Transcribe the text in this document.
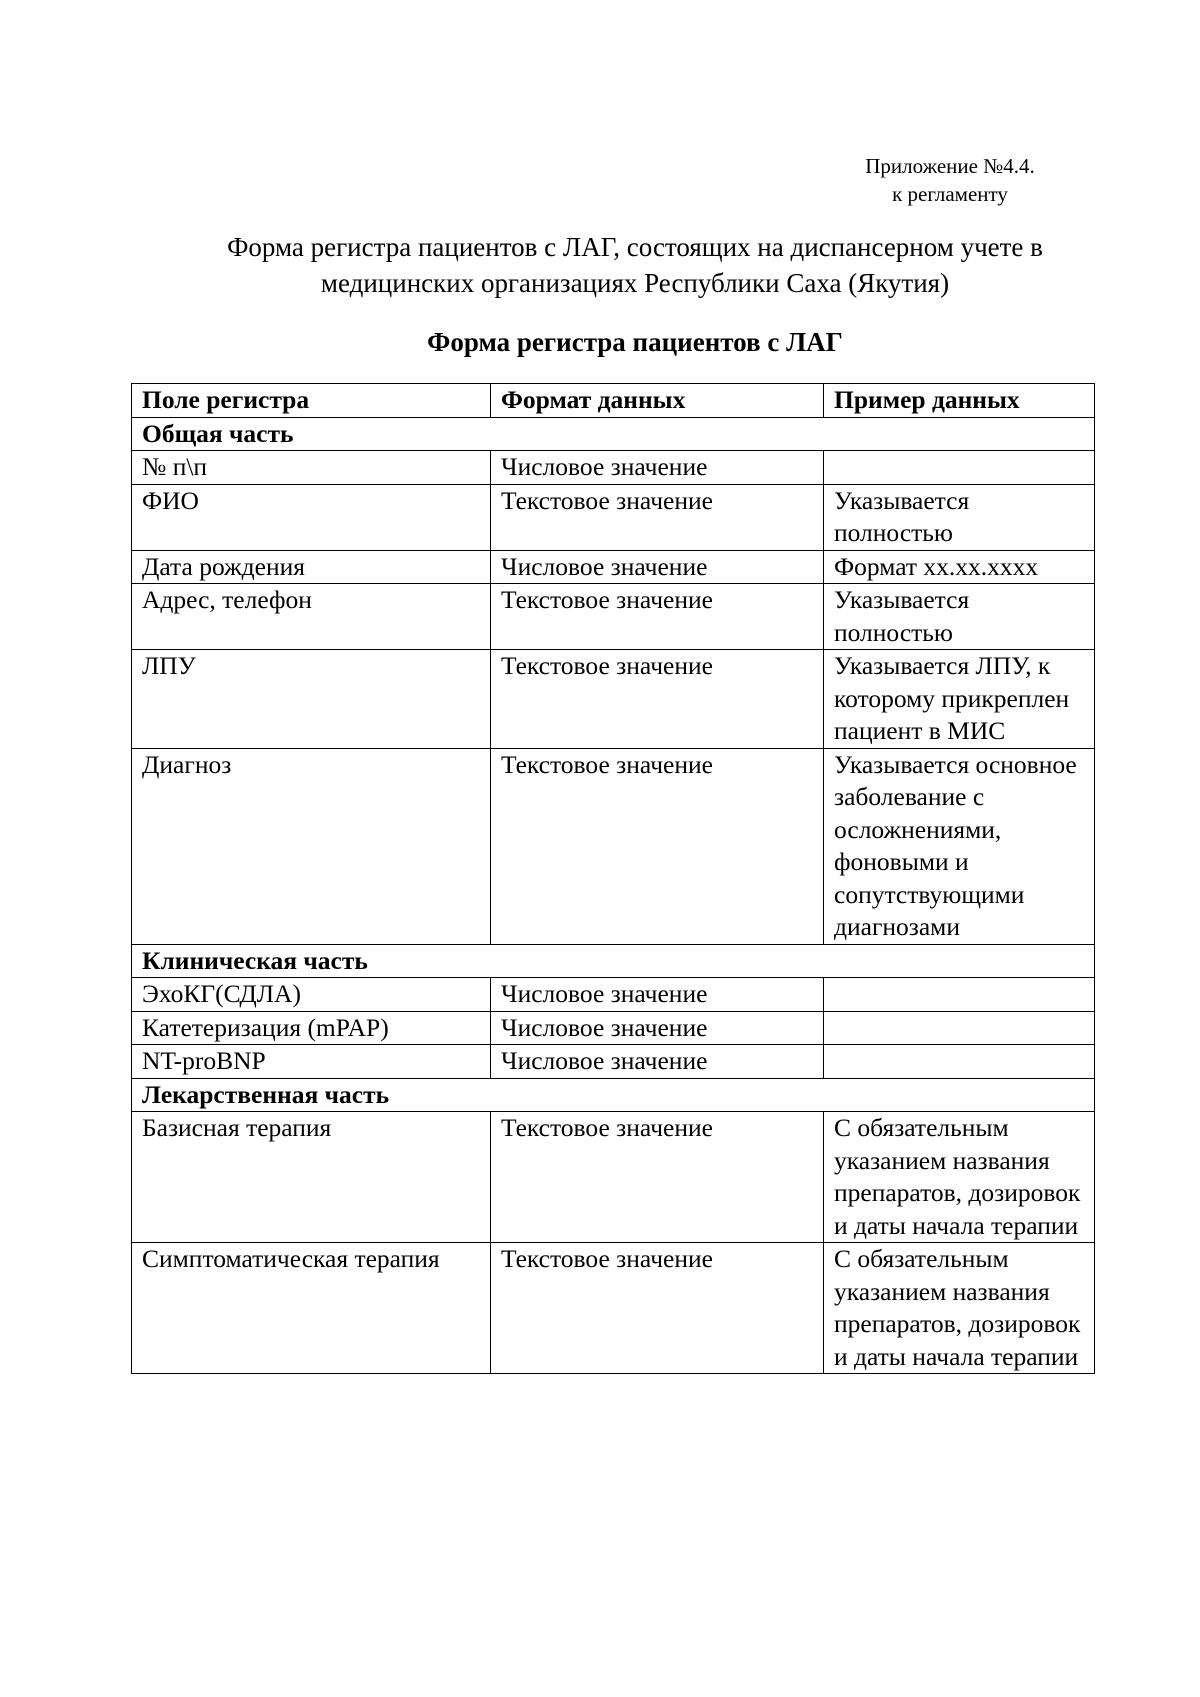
Приложение №4.4.
к регламенту
Форма регистра пациентов с ЛАГ, состоящих на диспансерном учете в
медицинских организациях Республики Саха (Якутия)
Форма регистра пациентов с ЛАГ
Поле регистра	Формат данных	Пример данных
Общая часть		
№ п\п	Числовое значение	
ФИО	Текстовое значение	Указывается полностью
Дата рождения	Числовое значение	Формат xx.xx.xxxx
Адрес, телефон	Текстовое значение	Указывается полностью
ЛПУ	Текстовое значение	Указывается ЛПУ, к которому прикреплен пациент в МИС
Диагноз	Текстовое значение	Указывается основное заболевание с осложнениями, фоновыми и сопутствующими диагнозами
Клиническая часть		
ЭхоКГ(СДЛА)	Числовое значение	
Катетеризация (mPAP)	Числовое значение	
NT-proBNP	Числовое значение	
Лекарственная часть		
Базисная терапия	Текстовое значение	С обязательным указанием названия препаратов, дозировок и даты начала терапии
Симптоматическая терапия	Текстовое значение	С обязательным указанием названия препаратов, дозировок и даты начала терапии
